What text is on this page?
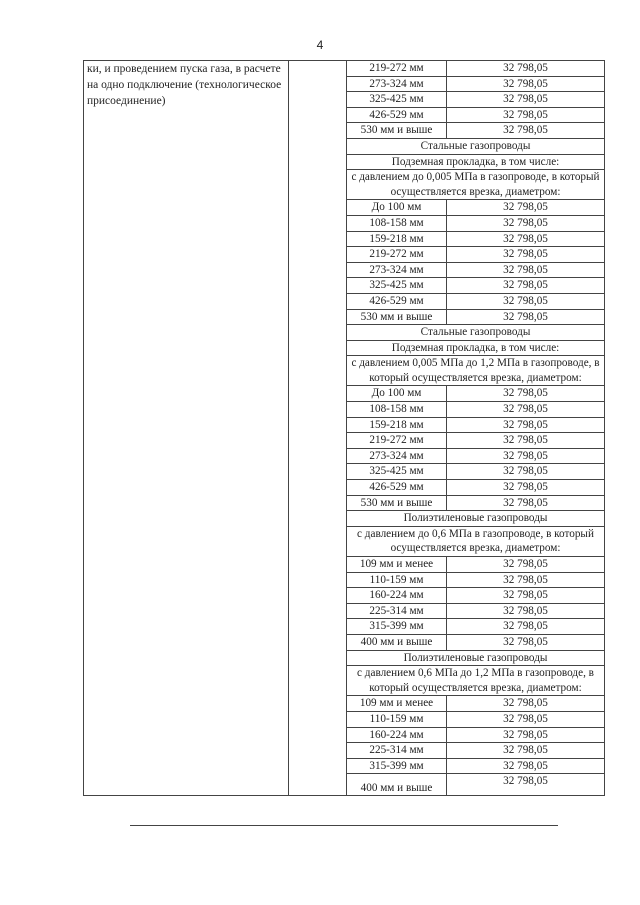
4
ки, и проведением пуска газа, в расчете на одно подключение (технологическое присоединение)		219-272 мм	32 798,05
		273-324 мм	32 798,05
		325-425 мм	32 798,05
		426-529 мм	32 798,05
		530 мм и выше	32 798,05
		Стальные газопроводы	
		Подземная прокладка, в том числе:	
		с давлением до 0,005 МПа в газопроводе, в который осуществляется врезка, диаметром:	
		До 100 мм	32 798,05
		108-158 мм	32 798,05
		159-218 мм	32 798,05
		219-272 мм	32 798,05
		273-324 мм	32 798,05
		325-425 мм	32 798,05
		426-529 мм	32 798,05
		530 мм и выше	32 798,05
		Стальные газопроводы	
		Подземная прокладка, в том числе:	
		с давлением 0,005 МПа до 1,2 МПа в газопроводе, в который осуществляется врезка, диаметром:	
		До 100 мм	32 798,05
		108-158 мм	32 798,05
		159-218 мм	32 798,05
		219-272 мм	32 798,05
		273-324 мм	32 798,05
		325-425 мм	32 798,05
		426-529 мм	32 798,05
		530 мм и выше	32 798,05
		Полиэтиленовые газопроводы	
		с давлением до 0,6 МПа в газопроводе, в который осуществляется врезка, диаметром:	
		109 мм и менее	32 798,05
		110-159 мм	32 798,05
		160-224 мм	32 798,05
		225-314 мм	32 798,05
		315-399 мм	32 798,05
		400 мм и выше	32 798,05
		Полиэтиленовые газопроводы	
		с давлением 0,6 МПа до 1,2 МПа в газопроводе, в который осуществляется врезка, диаметром:	
		109 мм и менее	32 798,05
		110-159 мм	32 798,05
		160-224 мм	32 798,05
		225-314 мм	32 798,05
		315-399 мм	32 798,05
		400 мм и выше	32 798,05
